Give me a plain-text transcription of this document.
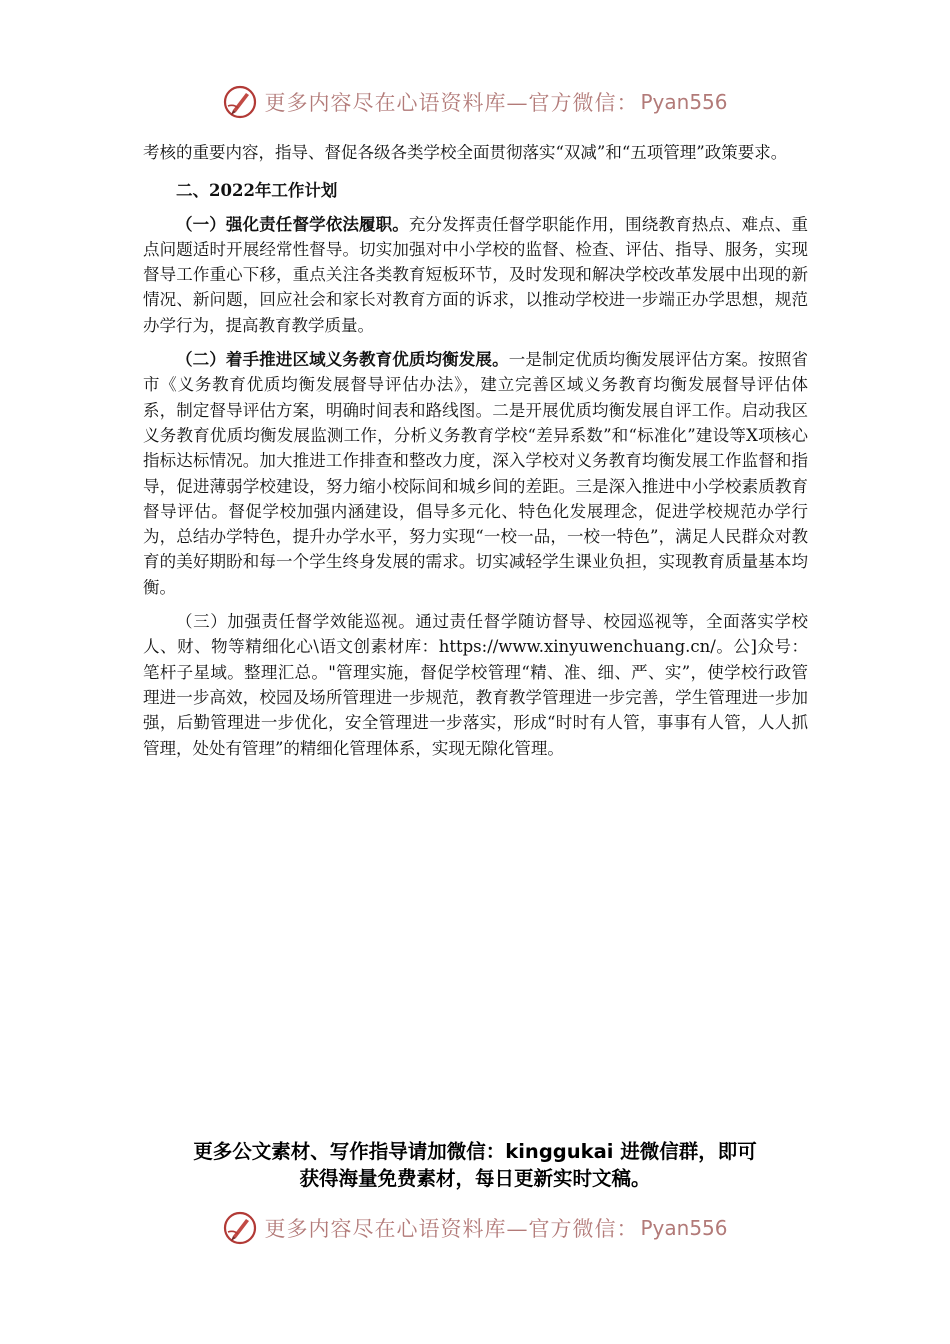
更多内容尽在心语资料库—官方微信： Pyan556

考核的重要内容，指导、督促各级各类学校全面贯彻落实“双减”和“五项管理”政策要求。

二、2022年工作计划

（一）强化责任督学依法履职。充分发挥责任督学职能作用，围绕教育热点、难点、重点问题适时开展经常性督导。切实加强对中小学校的监督、检查、评估、指导、服务，实现督导工作重心下移，重点关注各类教育短板环节，及时发现和解决学校改革发展中出现的新情况、新问题，回应社会和家长对教育方面的诉求，以推动学校进一步端正办学思想，规范办学行为，提高教育教学质量。

（二）着手推进区域义务教育优质均衡发展。一是制定优质均衡发展评估方案。按照省市《义务教育优质均衡发展督导评估办法》，建立完善区域义务教育均衡发展督导评估体系，制定督导评估方案，明确时间表和路线图。二是开展优质均衡发展自评工作。启动我区义务教育优质均衡发展监测工作，分析义务教育学校“差异系数”和“标准化”建设等X项核心指标达标情况。加大推进工作排查和整改力度，深入学校对义务教育均衡发展工作监督和指导，促进薄弱学校建设，努力缩小校际间和城乡间的差距。三是深入推进中小学校素质教育督导评估。督促学校加强内涵建设，倡导多元化、特色化发展理念，促进学校规范办学行为，总结办学特色，提升办学水平，努力实现“一校一品，一校一特色”，满足人民群众对教育的美好期盼和每一个学生终身发展的需求。切实减轻学生课业负担，实现教育质量基本均衡。

（三）加强责任督学效能巡视。通过责任督学随访督导、校园巡视等，全面落实学校人、财、物等精细化心\语文创素材库：https://www.xinyuwenchuang.cn/。公]众号：笔杆子星域。整理汇总。"管理实施，督促学校管理“精、准、细、严、实”，使学校行政管理进一步高效，校园及场所管理进一步规范，教育教学管理进一步完善，学生管理进一步加强，后勤管理进一步优化，安全管理进一步落实，形成“时时有人管，事事有人管，人人抓管理，处处有管理”的精细化管理体系，实现无隙化管理。

更多公文素材、写作指导请加微信：kinggukai 进微信群，即可

获得海量免费素材，每日更新实时文稿。

更多内容尽在心语资料库—官方微信： Pyan556
